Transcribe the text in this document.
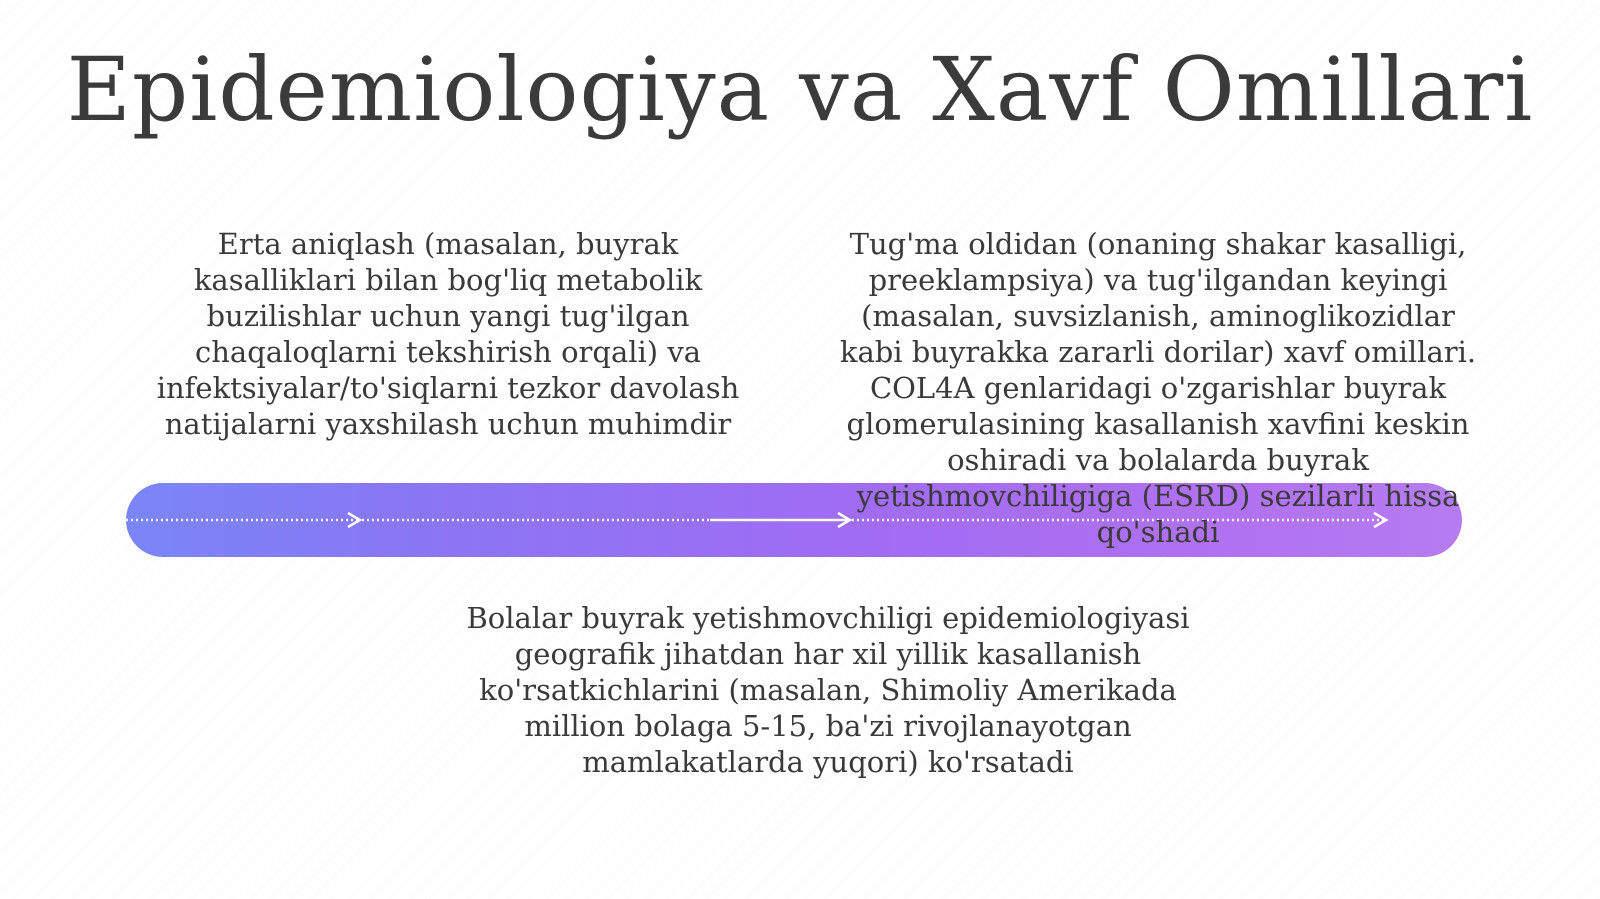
Epidemiologiya va Xavf Omillari
Erta aniqlash (masalan, buyrak kasalliklari bilan bog'liq metabolik buzilishlar uchun yangi tug'ilgan chaqaloqlarni tekshirish orqali) va infektsiyalar/to'siqlarni tezkor davolash natijalarni yaxshilash uchun muhimdir
Tug'ma oldidan (onaning shakar kasalligi, preeklampsiya) va tug'ilgandan keyingi (masalan, suvsizlanish, aminoglikozidlar kabi buyrakka zararli dorilar) xavf omillari. COL4A genlaridagi o'zgarishlar buyrak glomerulasining kasallanish xavfini keskin oshiradi va bolalarda buyrak yetishmovchiligiga (ESRD) sezilarli hissa qo'shadi
Bolalar buyrak yetishmovchiligi epidemiologiyasi geografik jihatdan har xil yillik kasallanish ko'rsatkichlarini (masalan, Shimoliy Amerikada million bolaga 5-15, ba'zi rivojlanayotgan mamlakatlarda yuqori) ko'rsatadi
